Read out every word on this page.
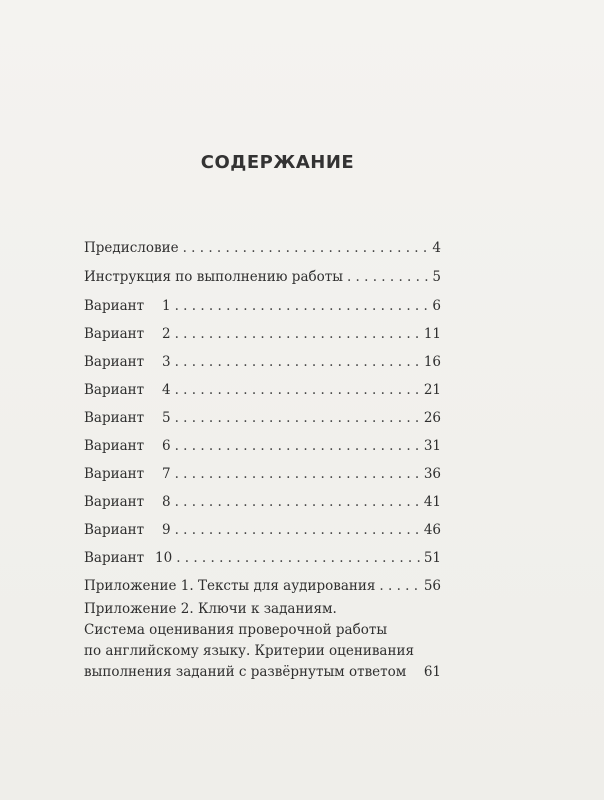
СОДЕРЖАНИЕ
Предисловие . . .	4
Инструкция по выполнению работы . . .	5
Вариант 1 . . .	6
Вариант 2 . . .	11
Вариант 3 . . .	16
Вариант 4 . . .	21
Вариант 5 . . .	26
Вариант 6 . . .	31
Вариант 7 . . .	36
Вариант 8 . . .	41
Вариант 9 . . .	46
Вариант 10 . . .	51
Приложение 1. Тексты для аудирования . . .	56
Приложение 2. Ключи к заданиям.
Система оценивания проверочной работы
по английскому языку. Критерии оценивания
выполнения заданий с развёрнутым ответом 61
